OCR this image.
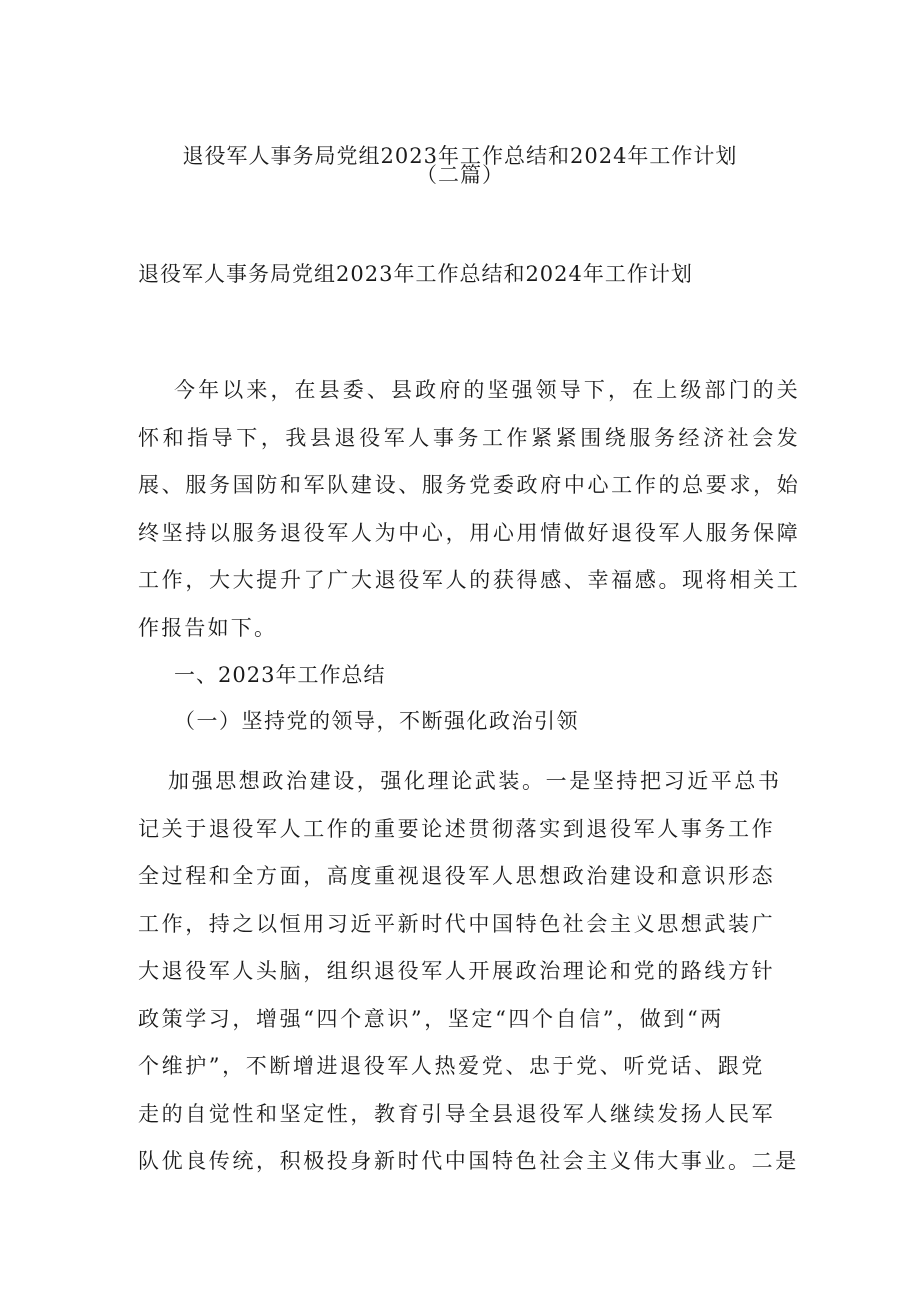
退役军人事务局党组2023年工作总结和2024年工作计划
（二篇）
退役军人事务局党组2023年工作总结和2024年工作计划

今年以来，在县委、县政府的坚强领导下，在上级部门的关怀和指导下，我县退役军人事务工作紧紧围绕服务经济社会发展、服务国防和军队建设、服务党委政府中心工作的总要求，始终坚持以服务退役军人为中心，用心用情做好退役军人服务保障工作，大大提升了广大退役军人的获得感、幸福感。现将相关工作报告如下。

一、2023年工作总结
（一）坚持党的领导，不断强化政治引领
加强思想政治建设，强化理论武装。一是坚持把习近平总书
记关于退役军人工作的重要论述贯彻落实到退役军人事务工作
全过程和全方面，高度重视退役军人思想政治建设和意识形态
工作，持之以恒用习近平新时代中国特色社会主义思想武装广
大退役军人头脑，组织退役军人开展政治理论和党的路线方针
政策学习，增强“四个意识”，坚定“四个自信”，做到“两
个维护”，不断增进退役军人热爱党、忠于党、听党话、跟党
走的自觉性和坚定性，教育引导全县退役军人继续发扬人民军
队优良传统，积极投身新时代中国特色社会主义伟大事业。二是
